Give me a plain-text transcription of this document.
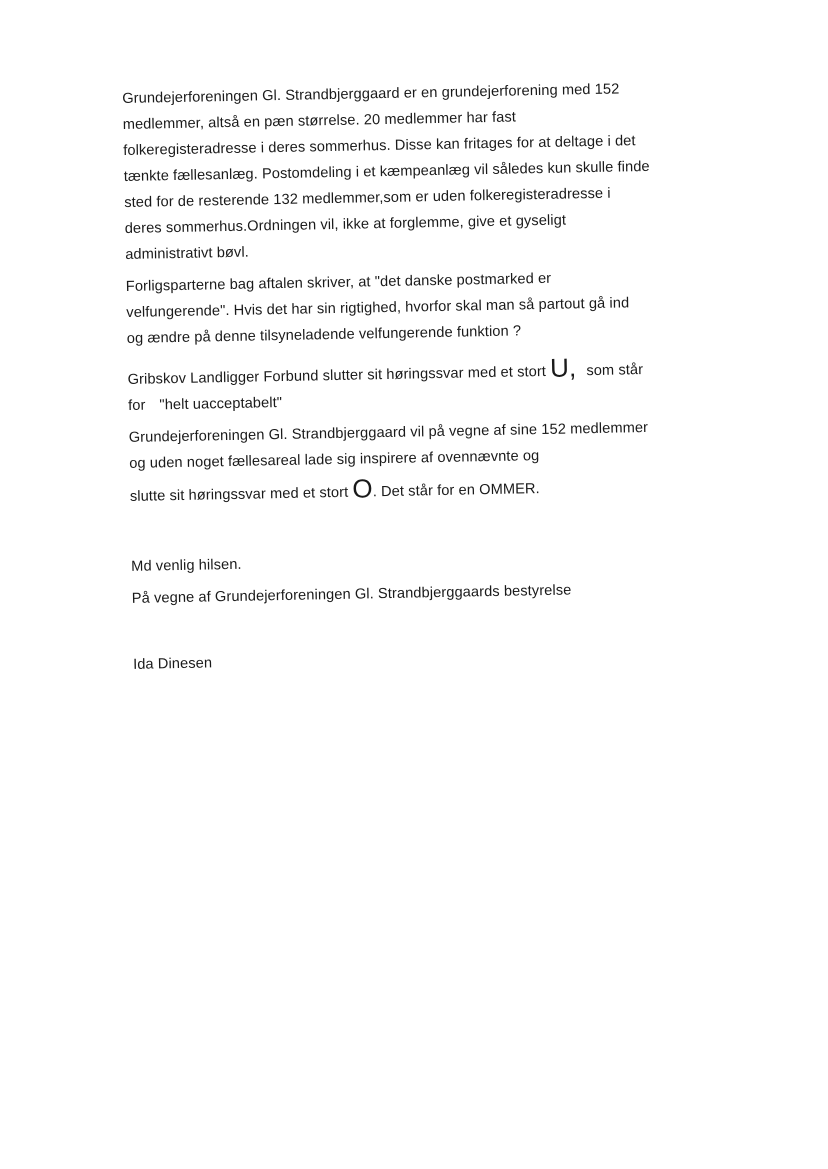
Grundejerforeningen Gl. Strandbjerggaard er en grundejerforening med 152
medlemmer, altså en pæn størrelse. 20 medlemmer har fast
folkeregisteradresse i deres sommerhus. Disse kan fritages for at deltage i det
tænkte fællesanlæg. Postomdeling i et kæmpeanlæg vil således kun skulle finde
sted for de resterende 132 medlemmer,som er uden folkeregisteradresse i
deres sommerhus.Ordningen vil, ikke at forglemme, give et gyseligt
administrativt bøvl.
Forligsparterne bag aftalen skriver, at "det danske postmarked er
velfungerende". Hvis det har sin rigtighed, hvorfor skal man så partout gå ind
og ændre på denne tilsyneladende velfungerende funktion ?
Gribskov Landligger Forbund slutter sit høringssvar med et stort U, som står
for "helt uacceptabelt"
Grundejerforeningen Gl. Strandbjerggaard vil på vegne af sine 152 medlemmer
og uden noget fællesareal lade sig inspirere af ovennævnte og
slutte sit høringssvar med et stort O. Det står for en OMMER.
Md venlig hilsen.
På vegne af Grundejerforeningen Gl. Strandbjerggaards bestyrelse
Ida Dinesen
